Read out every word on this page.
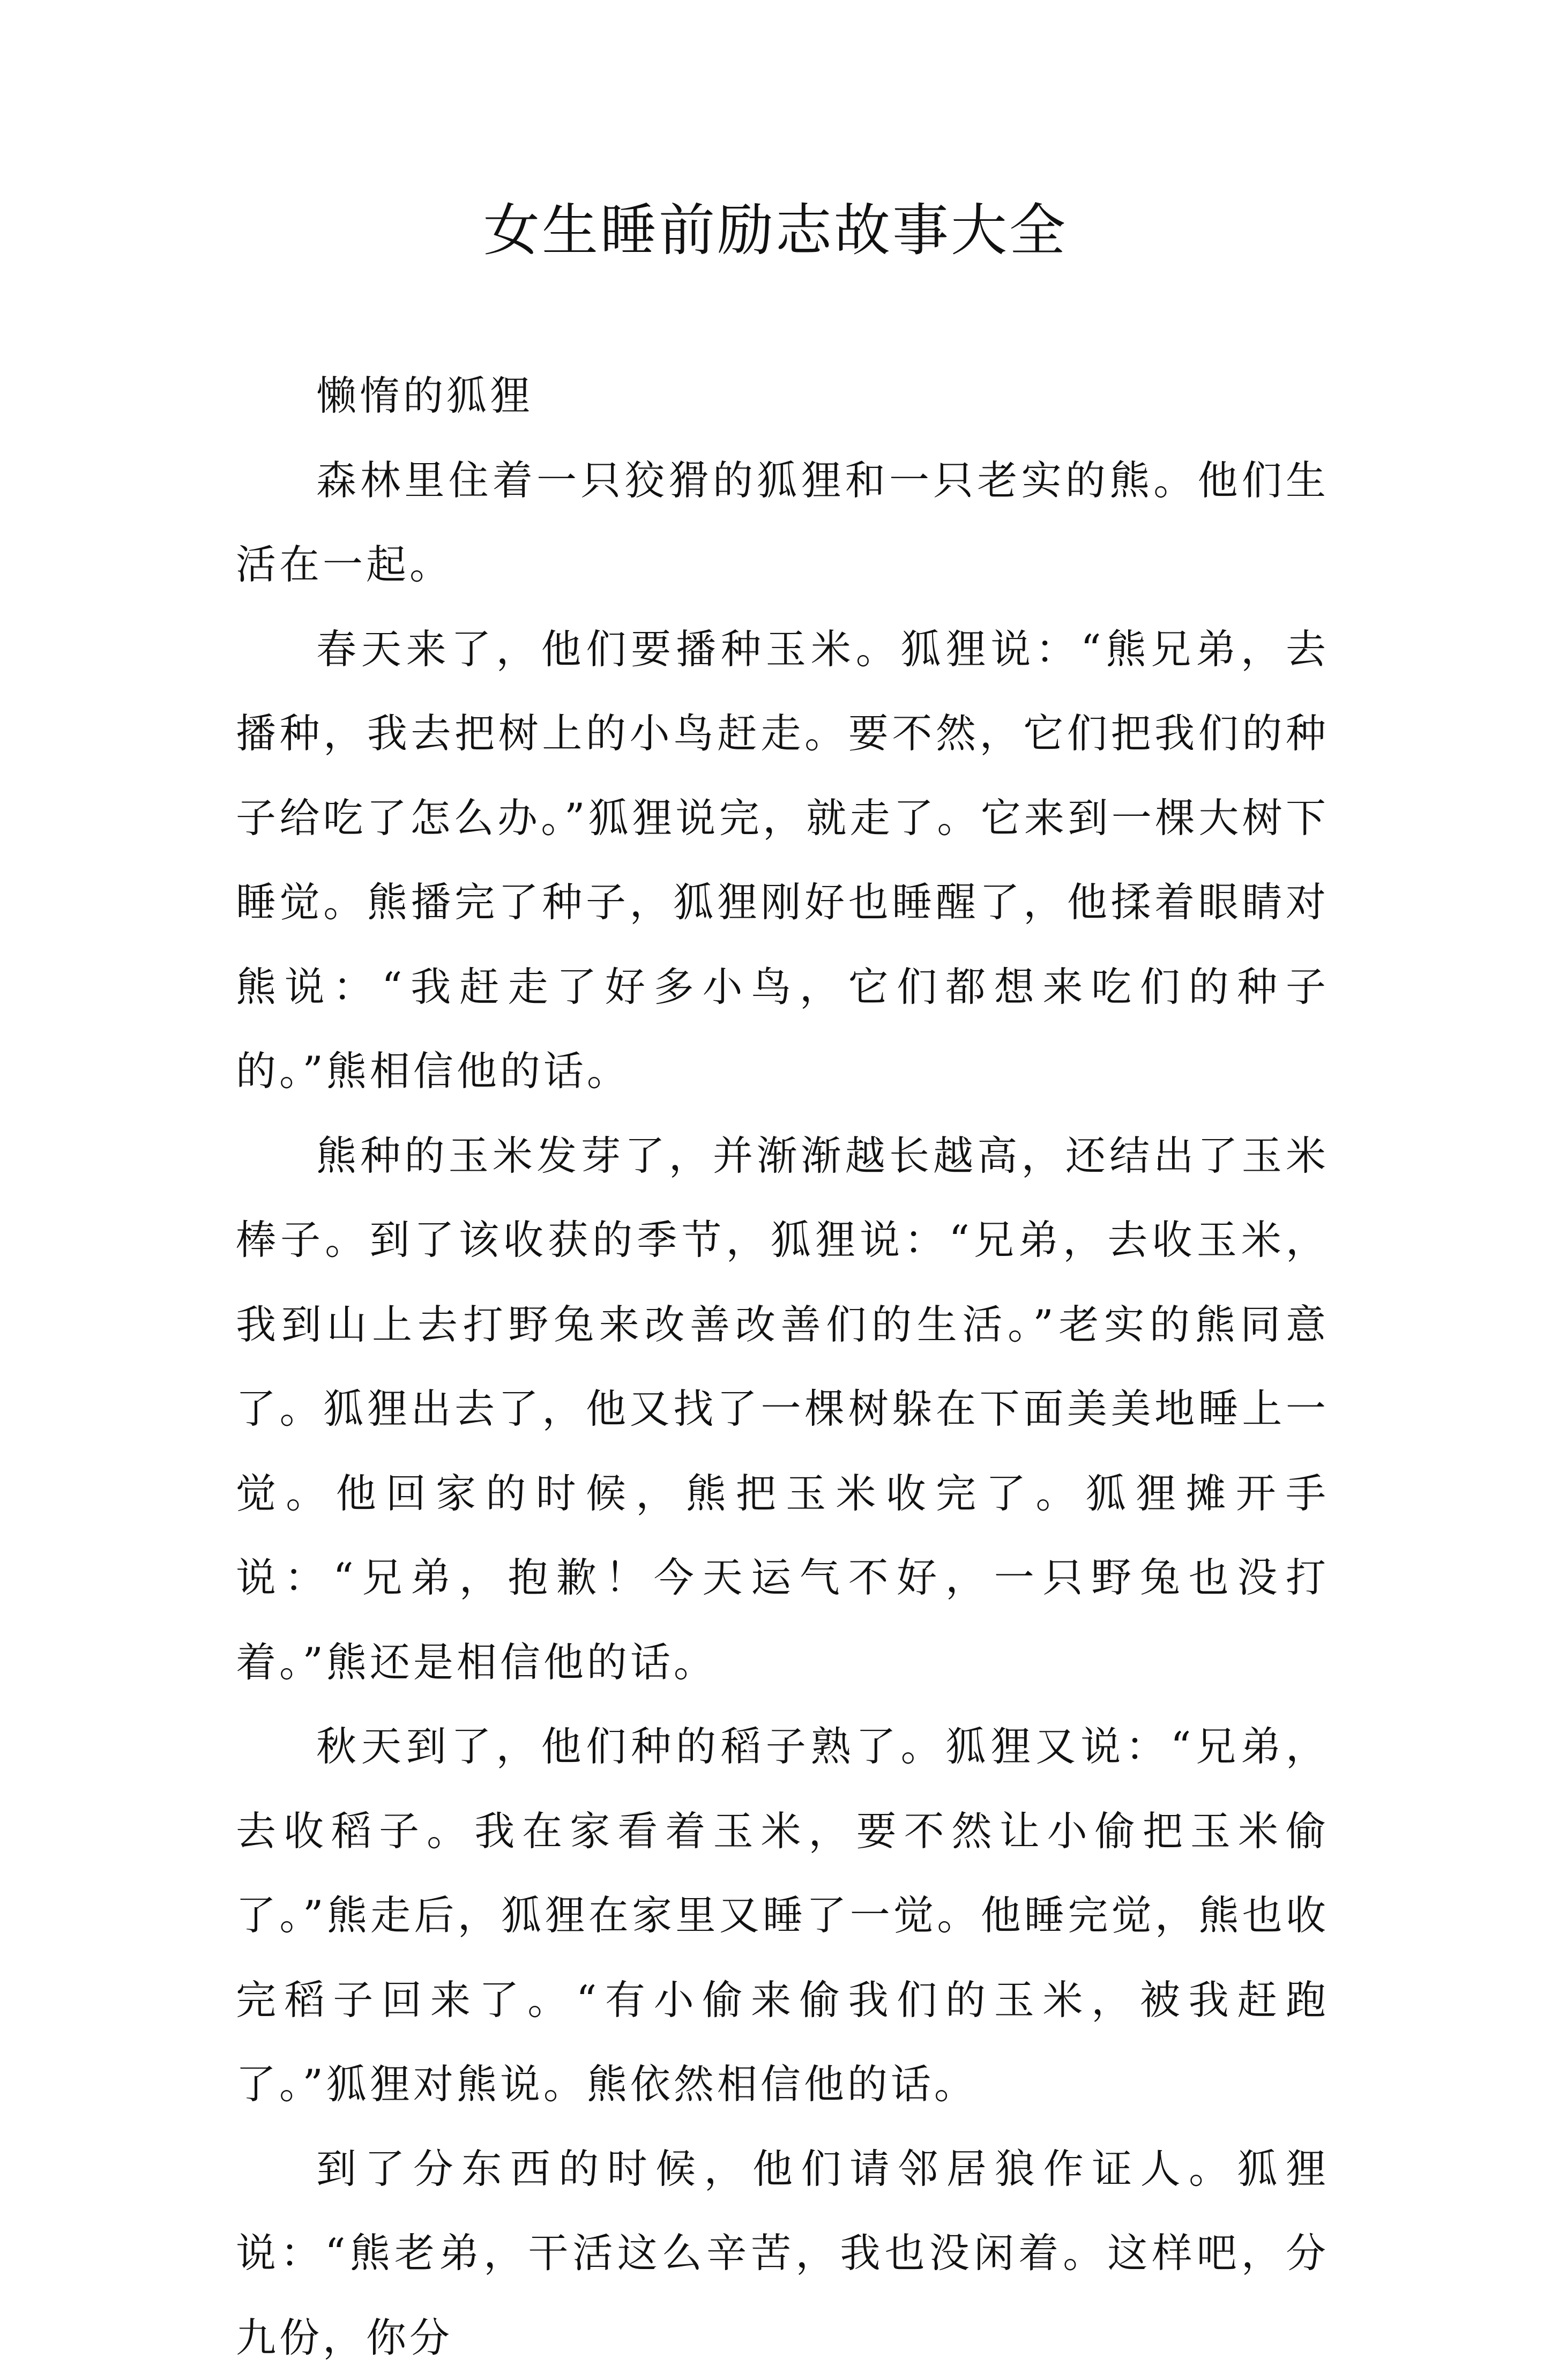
女生睡前励志故事大全

懒惰的狐狸

森林里住着一只狡猾的狐狸和一只老实的熊。他们生活在一起。

春天来了，他们要播种玉米。狐狸说：“熊兄弟，去播种，我去把树上的小鸟赶走。要不然，它们把我们的种子给吃了怎么办。”狐狸说完，就走了。它来到一棵大树下睡觉。熊播完了种子，狐狸刚好也睡醒了，他揉着眼睛对熊说：“我赶走了好多小鸟，它们都想来吃们的种子的。”熊相信他的话。

熊种的玉米发芽了，并渐渐越长越高，还结出了玉米棒子。到了该收获的季节，狐狸说：“兄弟，去收玉米，我到山上去打野兔来改善改善们的生活。”老实的熊同意了。狐狸出去了，他又找了一棵树躲在下面美美地睡上一觉。他回家的时候，熊把玉米收完了。狐狸摊开手说：“兄弟，抱歉！今天运气不好，一只野兔也没打着。”熊还是相信他的话。

秋天到了，他们种的稻子熟了。狐狸又说：“兄弟，去收稻子。我在家看着玉米，要不然让小偷把玉米偷了。”熊走后，狐狸在家里又睡了一觉。他睡完觉，熊也收完稻子回来了。“有小偷来偷我们的玉米，被我赶跑了。”狐狸对熊说。熊依然相信他的话。

到了分东西的时候，他们请邻居狼作证人。狐狸说：“熊老弟，干活这么辛苦，我也没闲着。这样吧，分九份，你分
